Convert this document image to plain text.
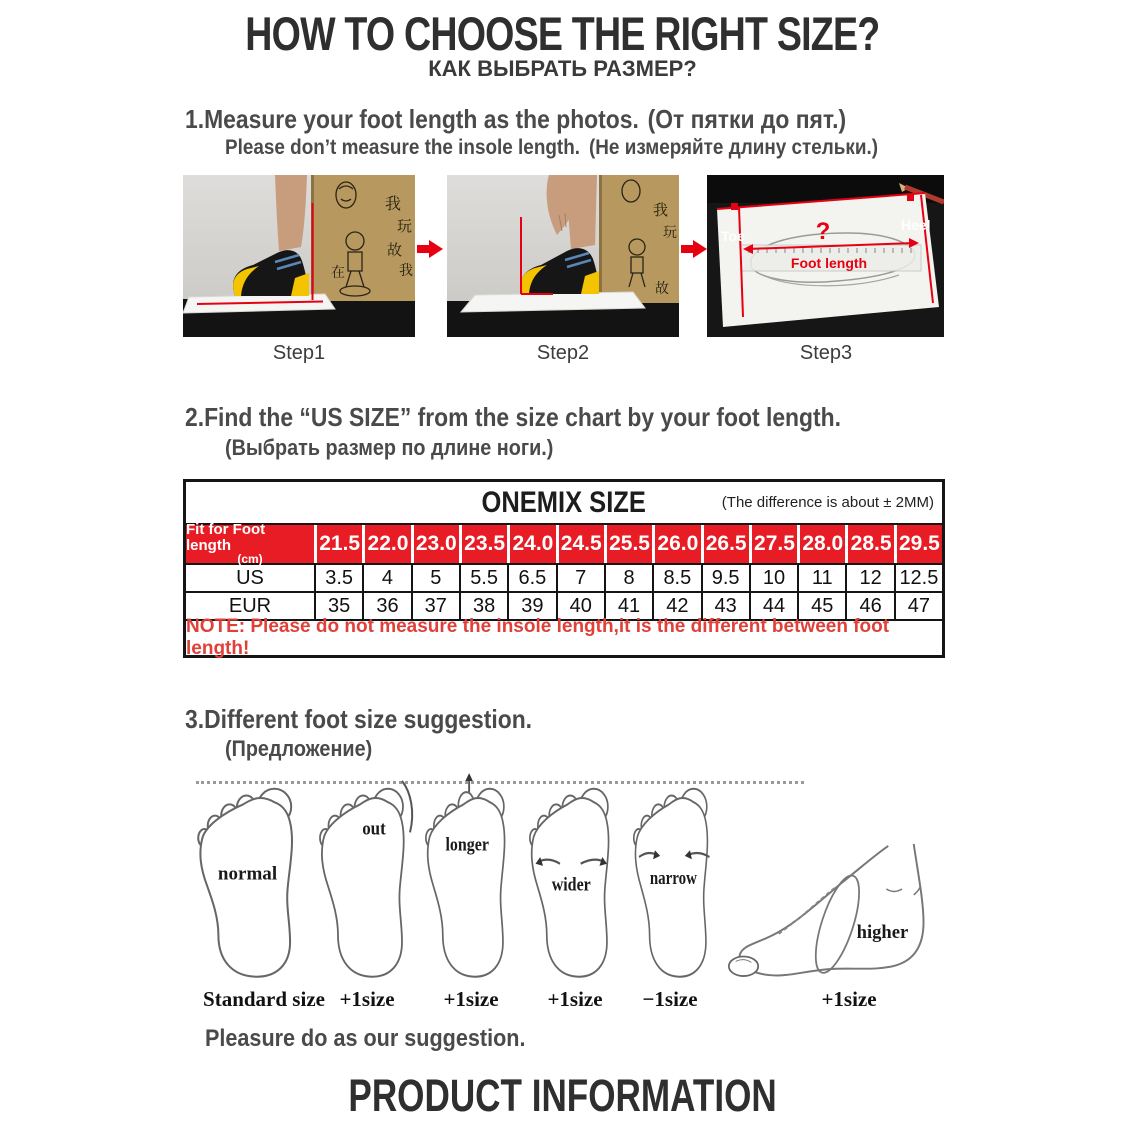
HOW TO CHOOSE THE RIGHT SIZE?
КАК ВЫБРАТЬ РАЗМЕР?
1.Measure your foot length as the photos. (От пятки до пят.)
Please don’t measure the insole length. (Не измеряйте длину стельки.)
我
玩
故
我
在
我
玩
故
Toe
Heel
?
Foot length
Step1	Step2	Step3
2.Find the “US SIZE” from the size chart by your foot length.
(Выбрать размер по длине ноги.)
ONEMIX SIZE	(The difference is about ± 2MM)
Fit for Foot length
(cm)
21.5 22.0 23.0 23.5 24.0 24.5 25.5 26.0 26.5 27.5 28.0 28.5 29.5
US	3.5	4	5	5.5	6.5	7	8	8.5	9.5	10	11	12 12.5
EUR	35	36	37	38	39	40	41	42	43	44	45	46	47
NOTE: Please do not measure the insole length,it is the different between foot length!
3.Different foot size suggestion.
(Предложение)
normal
out
longer
wider	narrow
higher
Standard size +1size	+1size	+1size	−1size	+1size
Pleasure do as our suggestion.
PRODUCT INFORMATION
